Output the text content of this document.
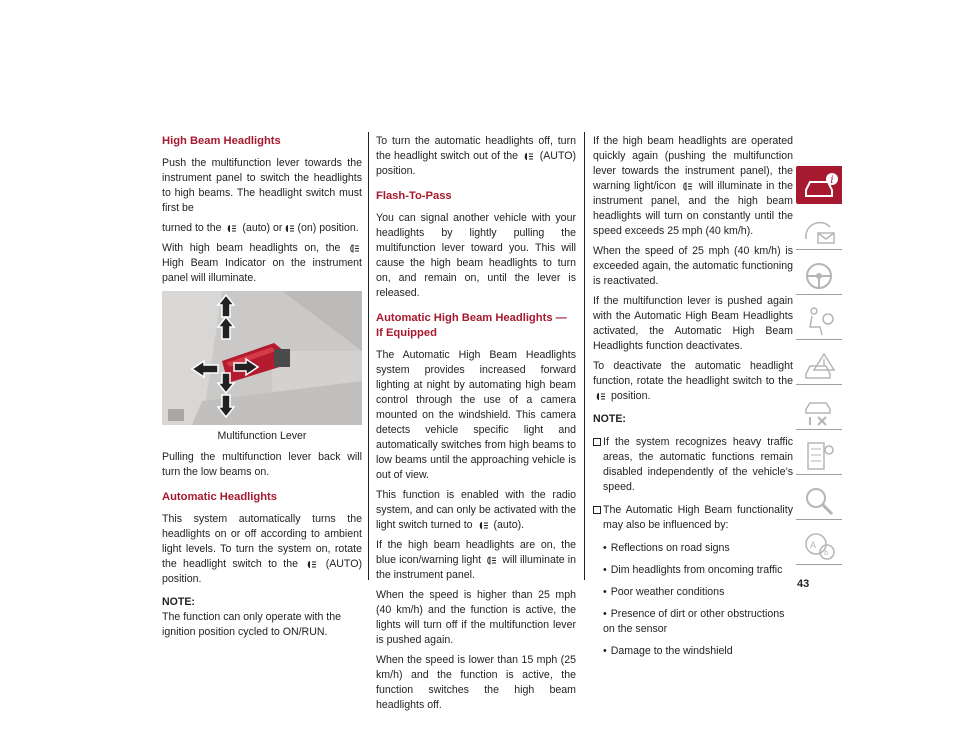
High Beam Headlights

Push the multifunction lever towards the instrument panel to switch the headlights to high beams. The headlight switch must first be

turned to the (auto) or (on) position.

With high beam headlights on, the  High Beam Indicator on the instrument panel will illuminate.

Multifunction Lever

Pulling the multifunction lever back will turn the low beams on.

Automatic Headlights

This system automatically turns the headlights on or off according to ambient light levels. To turn the system on, rotate the headlight switch to the	(AUTO) position.

NOTE:
The function can only operate with the ignition position cycled to ON/RUN.

To turn the automatic headlights off, turn the headlight switch out of the (AUTO) position.

Flash-To-Pass

You can signal another vehicle with your headlights by lightly pulling the multifunction lever toward you. This will cause the high beam headlights to turn on, and remain on, until the lever is released.

Automatic High Beam Headlights — If Equipped

The Automatic High Beam Headlights system provides increased forward lighting at night by automating high beam control through the use of a camera mounted on the windshield. This camera detects vehicle specific light and automatically switches from high beams to low beams until the approaching vehicle is out of view.

This function is enabled with the radio system, and can only be activated with the light switch turned to (auto).

If the high beam headlights are on, the blue icon/warning light will illuminate in the instrument panel.

When the speed is higher than 25 mph (40 km/h) and the function is active, the lights will turn off if the multifunction lever is pushed again.

When the speed is lower than 15 mph (25 km/h) and the function is active, the function switches the high beam headlights off.

If the high beam headlights are operated quickly again (pushing the multifunction lever towards the instrument panel), the warning light/icon will illuminate in the instrument panel, and the high beam headlights will turn on constantly until the speed exceeds 25 mph (40 km/h).

When the speed of 25 mph (40 km/h) is exceeded again, the automatic functioning is reactivated.

If the multifunction lever is pushed again with the Automatic High Beam Headlights activated, the Automatic High Beam Headlights function deactivates.

To deactivate the automatic headlight function, rotate the headlight switch to the  position.

NOTE:
If the system recognizes heavy traffic areas, the automatic functions remain disabled independently of the vehicle’s speed.
The Automatic High Beam functionality may also be influenced by:
• Reflections on road signs
• Dim headlights from oncoming traffic
• Poor weather conditions
• Presence of dirt or other obstructions on the sensor
• Damage to the windshield
43
i
A
b
